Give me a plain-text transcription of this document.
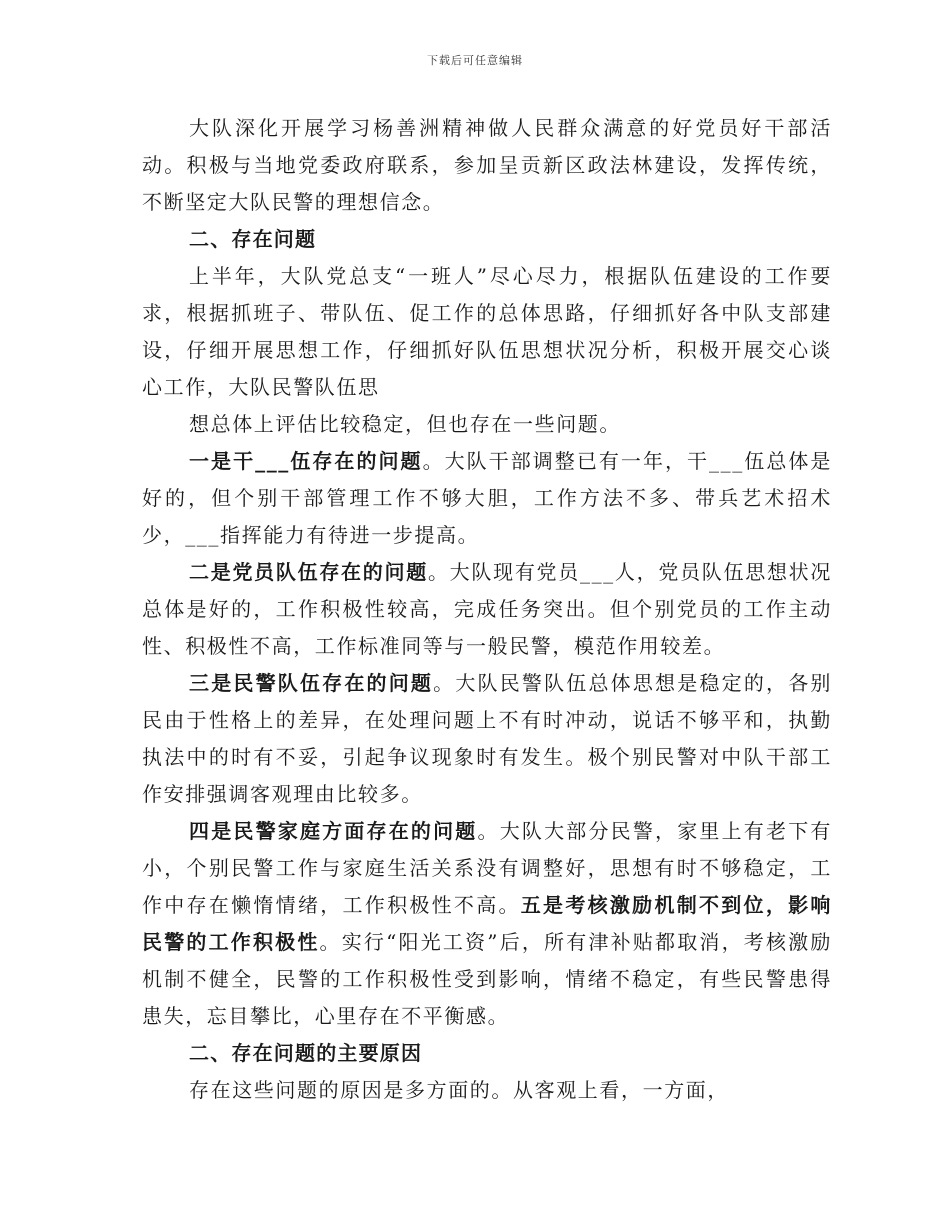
下载后可任意编辑

大队深化开展学习杨善洲精神做人民群众满意的好党员好干部活动。积极与当地党委政府联系，参加呈贡新区政法林建设，发挥传统，不断坚定大队民警的理想信念。

二、存在问题

上半年，大队党总支“一班人”尽心尽力，根据队伍建设的工作要求，根据抓班子、带队伍、促工作的总体思路，仔细抓好各中队支部建设，仔细开展思想工作，仔细抓好队伍思想状况分析，积极开展交心谈心工作，大队民警队伍思

想总体上评估比较稳定，但也存在一些问题。

一是干___伍存在的问题。大队干部调整已有一年，干___伍总体是好的，但个别干部管理工作不够大胆，工作方法不多、带兵艺术招术少，___指挥能力有待进一步提高。

二是党员队伍存在的问题。大队现有党员___人，党员队伍思想状况总体是好的，工作积极性较高，完成任务突出。但个别党员的工作主动性、积极性不高，工作标准同等与一般民警，模范作用较差。

三是民警队伍存在的问题。大队民警队伍总体思想是稳定的，各别民由于性格上的差异，在处理问题上不有时冲动，说话不够平和，执勤执法中的时有不妥，引起争议现象时有发生。极个别民警对中队干部工作安排强调客观理由比较多。

四是民警家庭方面存在的问题。大队大部分民警，家里上有老下有小，个别民警工作与家庭生活关系没有调整好，思想有时不够稳定，工作中存在懒惰情绪，工作积极性不高。五是考核激励机制不到位，影响民警的工作积极性。实行“阳光工资”后，所有津补贴都取消，考核激励机制不健全，民警的工作积极性受到影响，情绪不稳定，有些民警患得患失，忘目攀比，心里存在不平衡感。

二、存在问题的主要原因

存在这些问题的原因是多方面的。从客观上看，一方面，
